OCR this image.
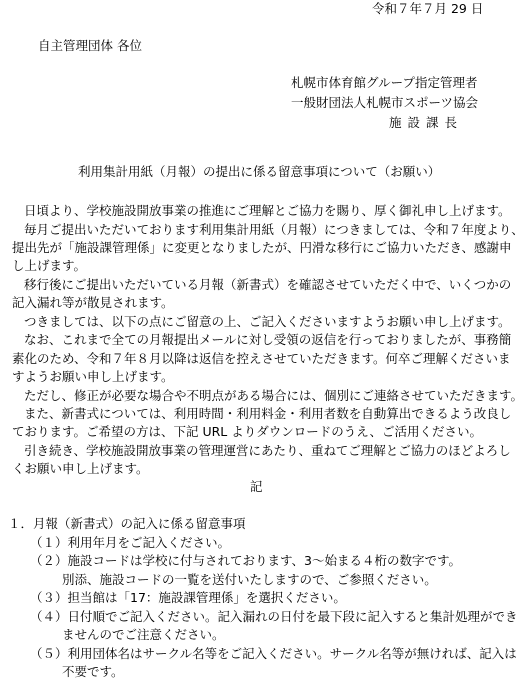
令和７年７月 29 日
自主管理団体 各位
札幌市体育館グループ指定管理者
一般財団法人札幌市スポーツ協会
施設課長
利用集計用紙（月報）の提出に係る留意事項について（お願い）
日頃より、学校施設開放事業の推進にご理解とご協力を賜り、厚く御礼申し上げます。
毎月ご提出いただいております利用集計用紙（月報）につきましては、令和７年度より、
提出先が「施設課管理係」に変更となりましたが、円滑な移行にご協力いただき、感謝申
し上げます。
移行後にご提出いただいている月報（新書式）を確認させていただく中で、いくつかの
記入漏れ等が散見されます。
つきましては、以下の点にご留意の上、ご記入くださいますようお願い申し上げます。
なお、これまで全ての月報提出メールに対し受領の返信を行っておりましたが、事務簡
素化のため、令和７年８月以降は返信を控えさせていただきます。何卒ご理解くださいま
すようお願い申し上げます。
ただし、修正が必要な場合や不明点がある場合には、個別にご連絡させていただきます。
また、新書式については、利用時間・利用料金・利用者数を自動算出できるよう改良し
ております。ご希望の方は、下記 URL よりダウンロードのうえ、ご活用ください。
引き続き、学校施設開放事業の管理運営にあたり、重ねてご理解とご協力のほどよろし
くお願い申し上げます。
記
１．月報（新書式）の記入に係る留意事項
（１）利用年月をご記入ください。
（２）施設コードは学校に付与されております、3～始まる４桁の数字です。
別添、施設コードの一覧を送付いたしますので、ご参照ください。
（３）担当館は「17：施設課管理係」を選択ください。
（４）日付順でご記入ください。記入漏れの日付を最下段に記入すると集計処理ができ
ませんのでご注意ください。
（５）利用団体名はサークル名等をご記入ください。サークル名等が無ければ、記入は
不要です。
